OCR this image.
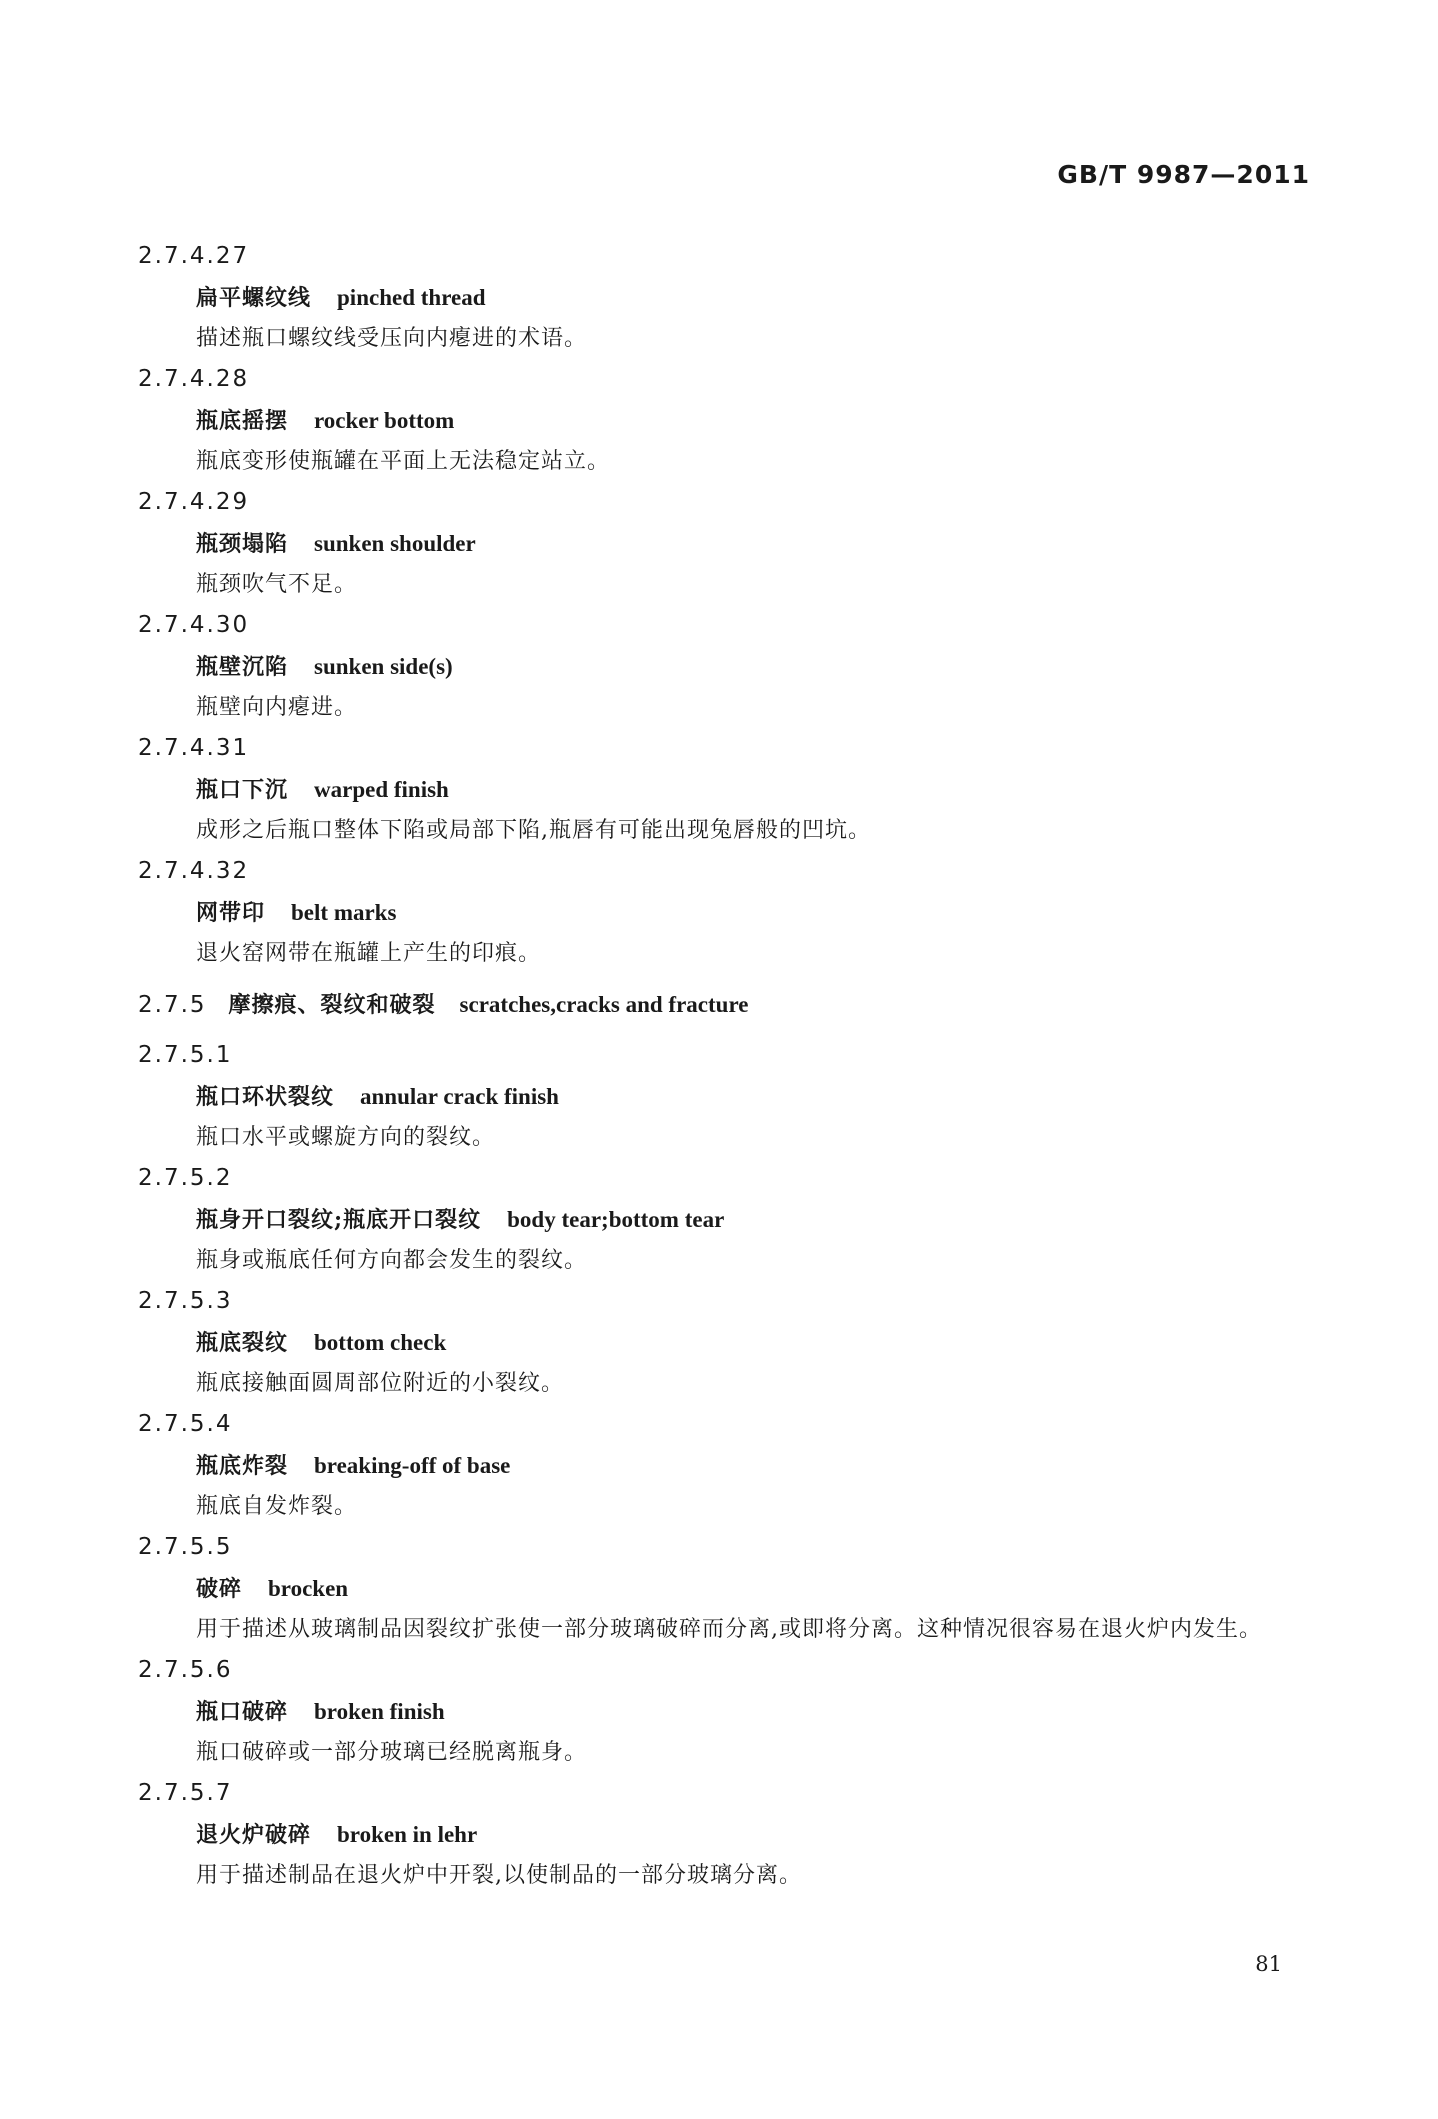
GB/T 9987—2011
2.7.4.27
扁平螺纹线 pinched thread
描述瓶口螺纹线受压向内瘪进的术语。
2.7.4.28
瓶底摇摆 rocker bottom
瓶底变形使瓶罐在平面上无法稳定站立。
2.7.4.29
瓶颈塌陷 sunken shoulder
瓶颈吹气不足。
2.7.4.30
瓶壁沉陷 sunken side(s)
瓶壁向内瘪进。
2.7.4.31
瓶口下沉 warped finish
成形之后瓶口整体下陷或局部下陷,瓶唇有可能出现兔唇般的凹坑。
2.7.4.32
网带印 belt marks
退火窑网带在瓶罐上产生的印痕。
2.7.5 摩擦痕、裂纹和破裂 scratches,cracks and fracture
2.7.5.1
瓶口环状裂纹 annular crack finish
瓶口水平或螺旋方向的裂纹。
2.7.5.2
瓶身开口裂纹;瓶底开口裂纹 body tear;bottom tear
瓶身或瓶底任何方向都会发生的裂纹。
2.7.5.3
瓶底裂纹 bottom check
瓶底接触面圆周部位附近的小裂纹。
2.7.5.4
瓶底炸裂 breaking-off of base
瓶底自发炸裂。
2.7.5.5
破碎 brocken
用于描述从玻璃制品因裂纹扩张使一部分玻璃破碎而分离,或即将分离。这种情况很容易在退火炉内发生。
2.7.5.6
瓶口破碎 broken finish
瓶口破碎或一部分玻璃已经脱离瓶身。
2.7.5.7
退火炉破碎 broken in lehr
用于描述制品在退火炉中开裂,以使制品的一部分玻璃分离。
81
